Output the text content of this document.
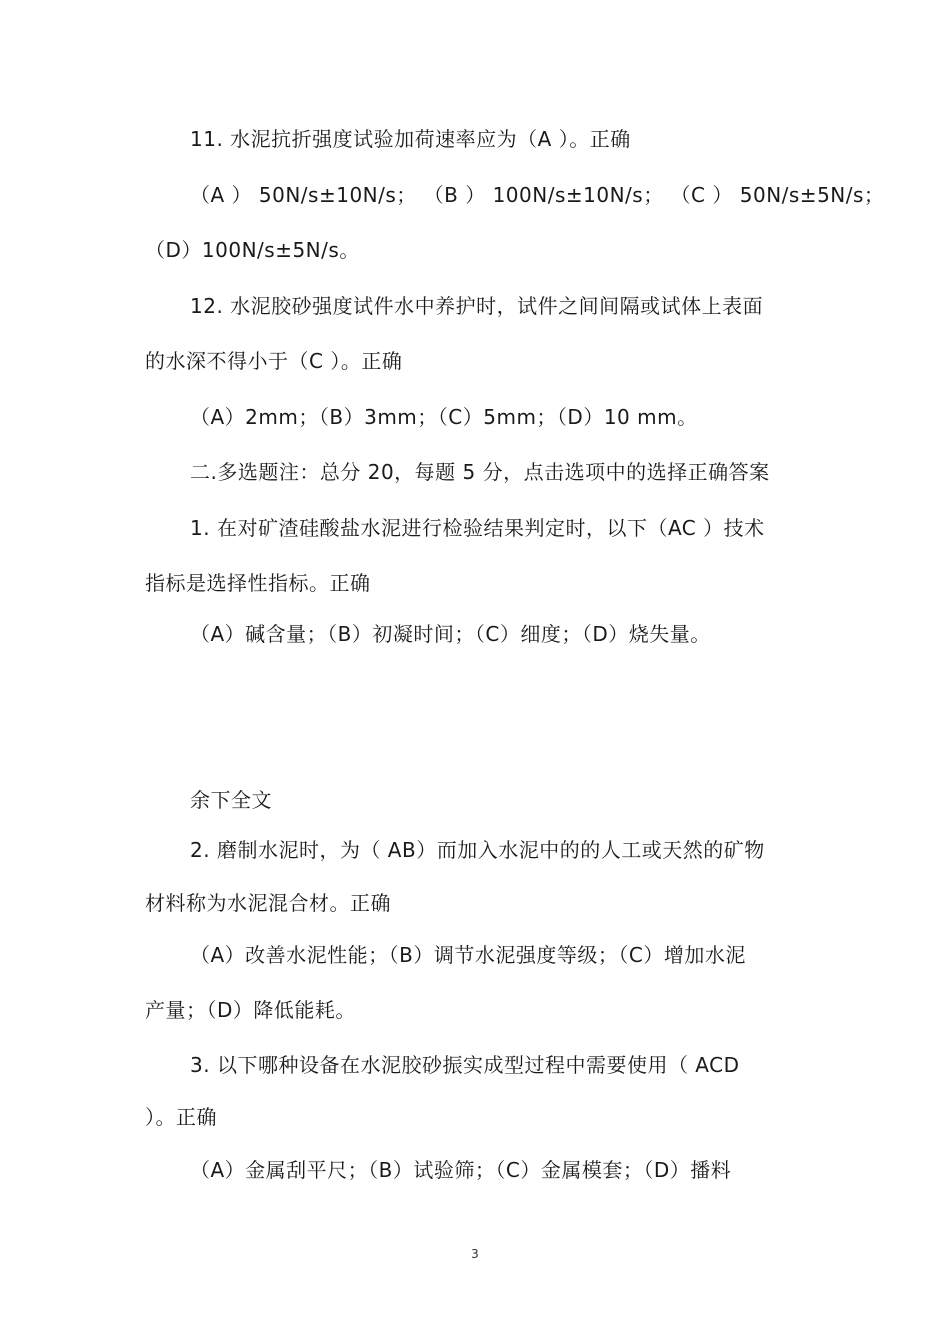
11. 水泥抗折强度试验加荷速率应为（A ）。正确
（A ） 50N/s±10N/s； （B ） 100N/s±10N/s； （C ） 50N/s±5N/s；
（D）100N/s±5N/s。
12. 水泥胶砂强度试件水中养护时，试件之间间隔或试体上表面
的水深不得小于（C ）。正确
（A）2mm；（B）3mm；（C）5mm；（D）10 mm。
二.多选题注：总分 20，每题 5 分，点击选项中的选择正确答案
1. 在对矿渣硅酸盐水泥进行检验结果判定时，以下（AC ）技术
指标是选择性指标。正确
（A）碱含量；（B）初凝时间；（C）细度；（D）烧失量。
余下全文
2. 磨制水泥时，为（ AB）而加入水泥中的的人工或天然的矿物
材料称为水泥混合材。正确
（A）改善水泥性能；（B）调节水泥强度等级；（C）增加水泥
产量；（D）降低能耗。
3. 以下哪种设备在水泥胶砂振实成型过程中需要使用（ ACD
）。正确
（A）金属刮平尺；（B）试验筛；（C）金属模套；（D）播料
3
